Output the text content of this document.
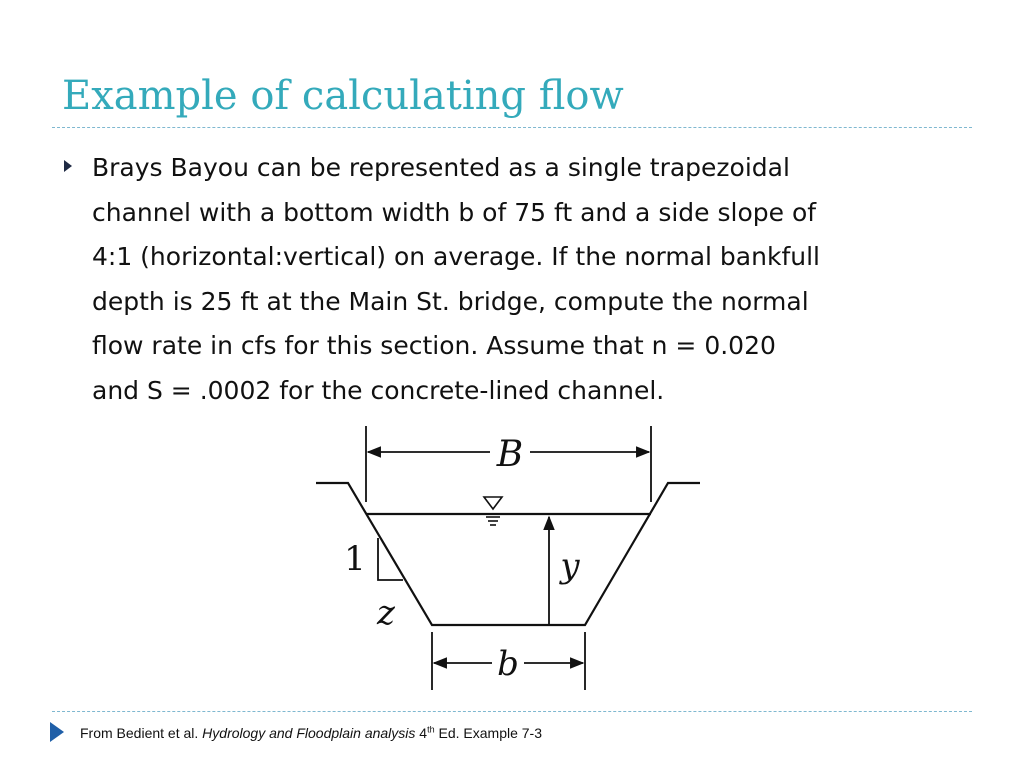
Example of calculating flow
Brays Bayou can be represented as a single trapezoidal
channel with a bottom width b of 75 ft and a side slope of
4:1 (horizontal:vertical) on average. If the normal bankfull
depth is 25 ft at the Main St. bridge, compute the normal
flow rate in cfs for this section. Assume that n = 0.020
and S = .0002 for the concrete-lined channel.
B
y
1
z
b
From Bedient et al. Hydrology and Floodplain analysis 4th Ed. Example 7-3
